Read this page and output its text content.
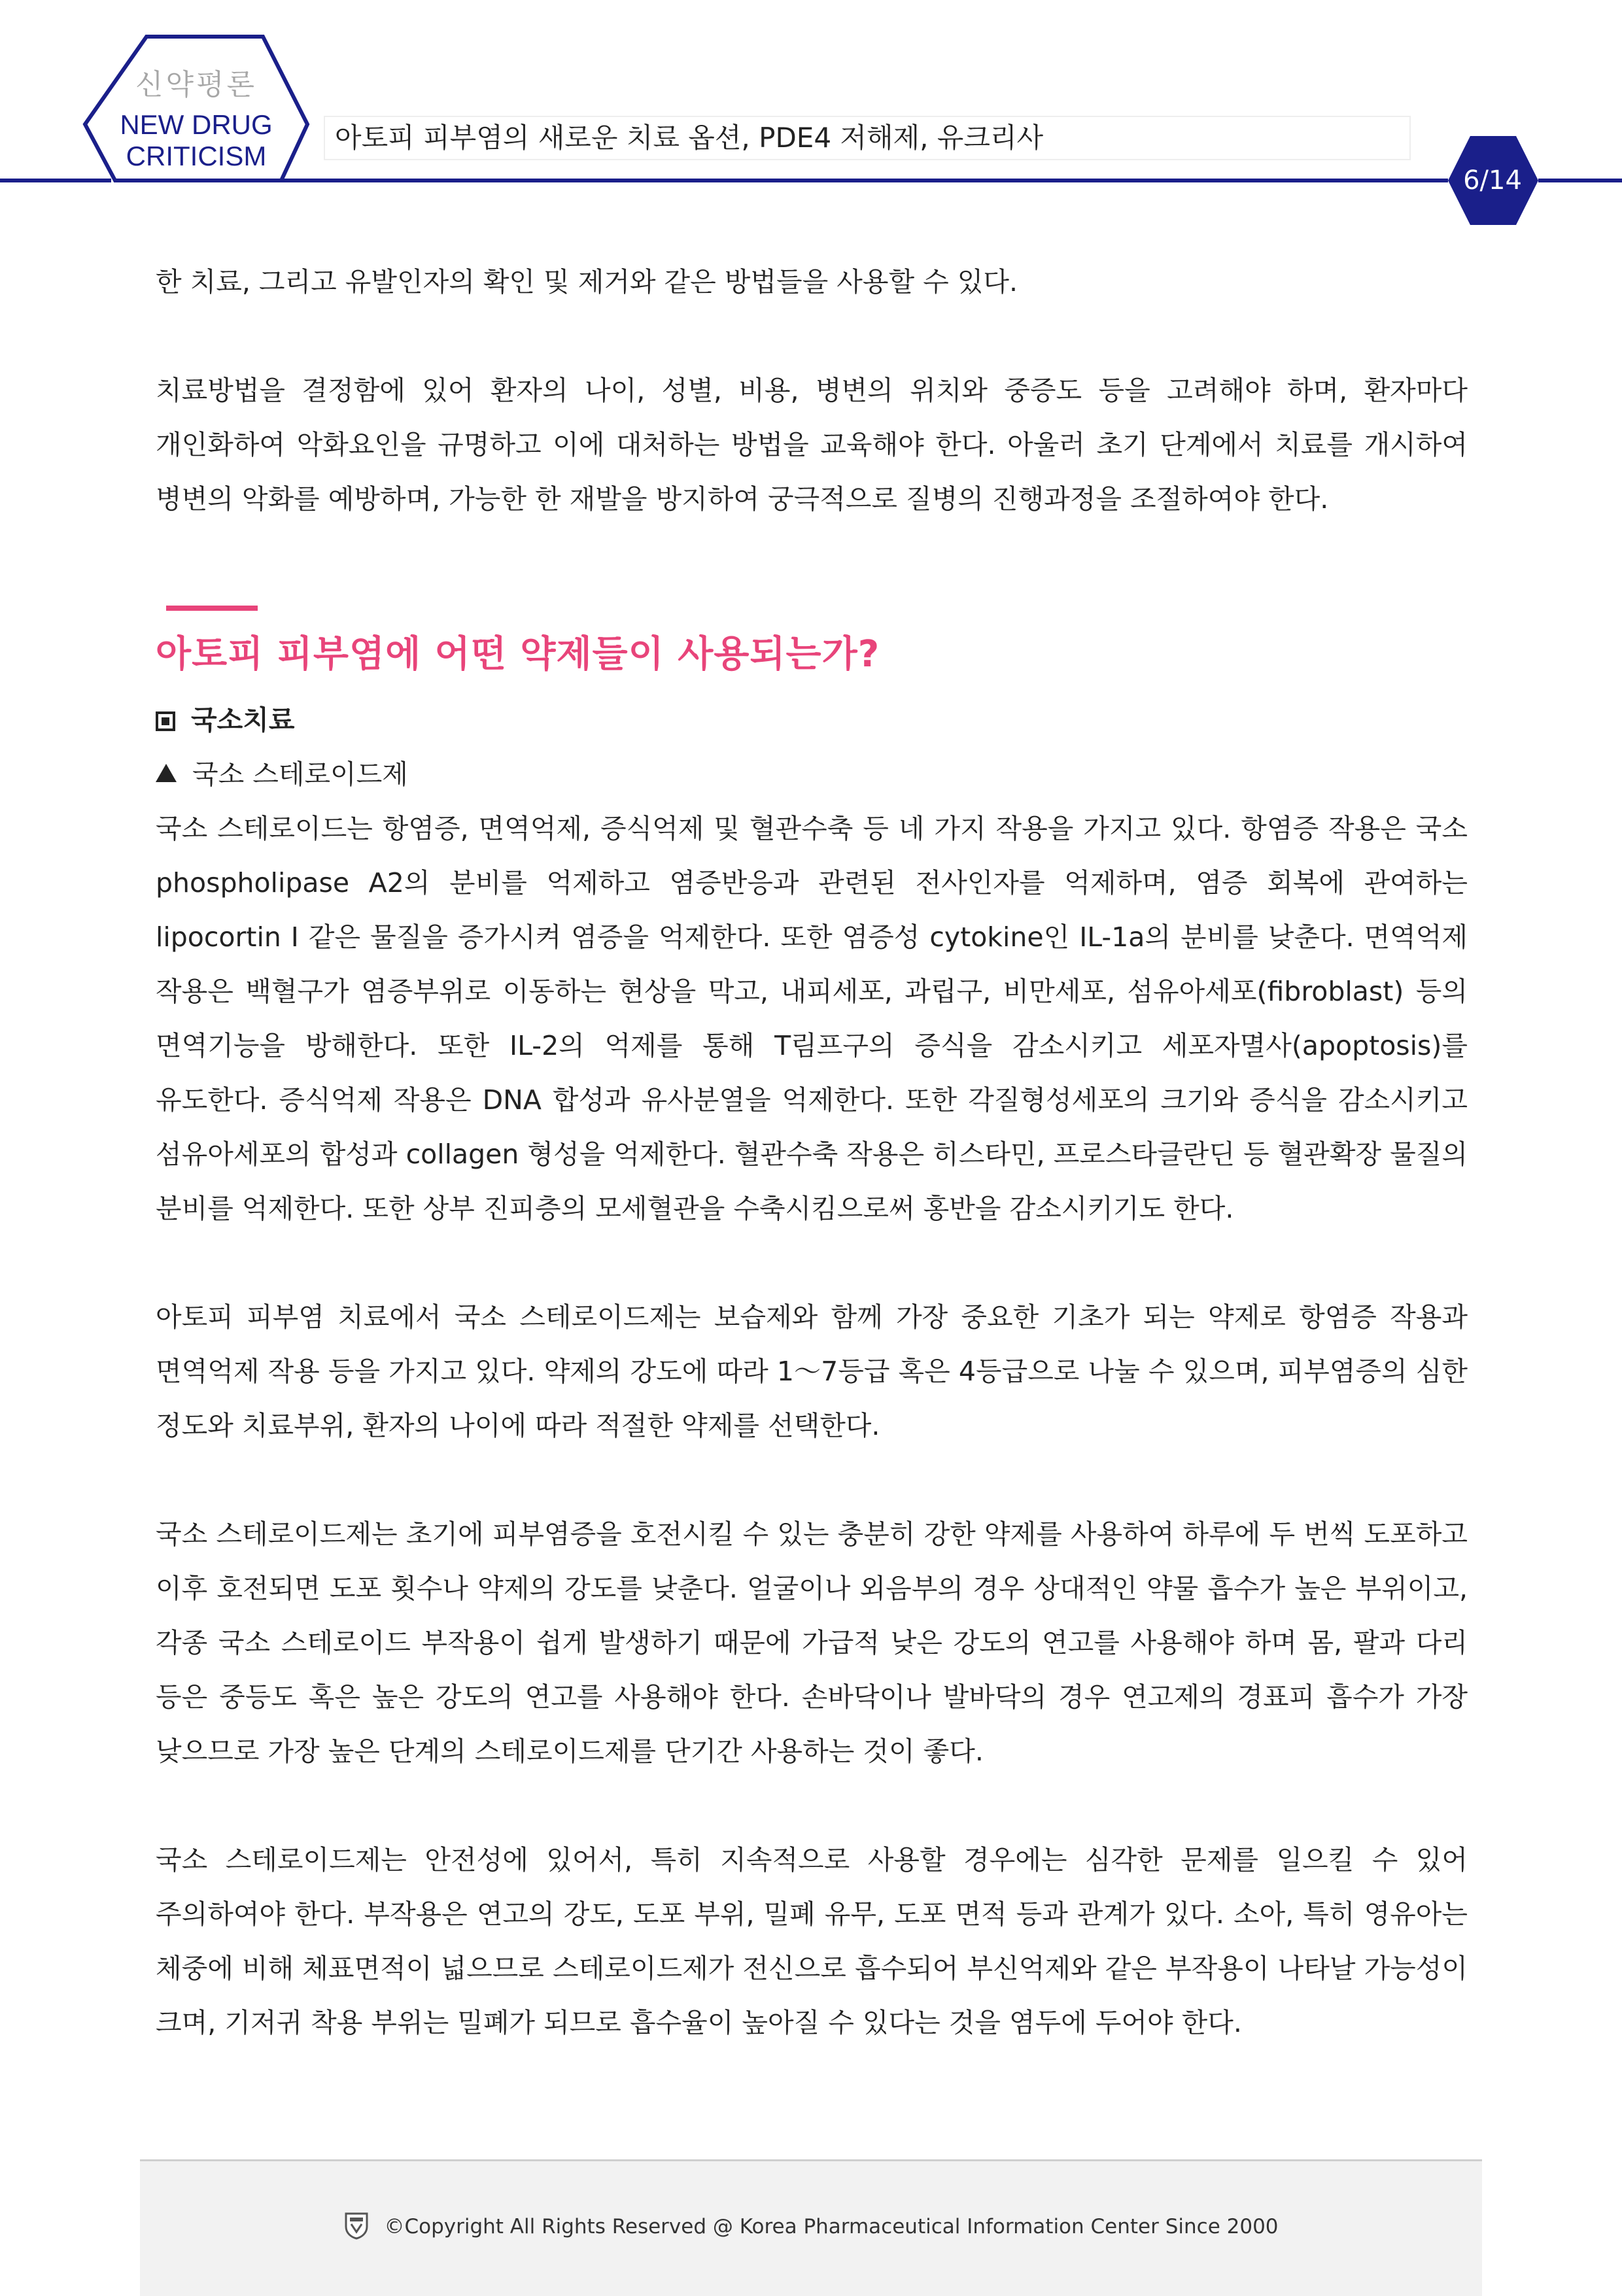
신약평론
NEW DRUG
CRITICISM
아토피 피부염의 새로운 치료 옵션, PDE4 저해제, 유크리사
6/14

한 치료, 그리고 유발인자의 확인 및 제거와 같은 방법들을 사용할 수 있다.

치료방법을 결정함에 있어 환자의 나이, 성별, 비용, 병변의 위치와 중증도 등을 고려해야 하며, 환자마다 개인화하여 악화요인을 규명하고 이에 대처하는 방법을 교육해야 한다. 아울러 초기 단계에서 치료를 개시하여 병변의 악화를 예방하며, 가능한 한 재발을 방지하여 궁극적으로 질병의 진행과정을 조절하여야 한다.

아토피 피부염에 어떤 약제들이 사용되는가?
국소치료
국소 스테로이드제

국소 스테로이드는 항염증, 면역억제, 증식억제 및 혈관수축 등 네 가지 작용을 가지고 있다. 항염증 작용은 국소 phospholipase A2의 분비를 억제하고 염증반응과 관련된 전사인자를 억제하며, 염증 회복에 관여하는 lipocortin I 같은 물질을 증가시켜 염증을 억제한다. 또한 염증성 cytokine인 IL-1a의 분비를 낮춘다. 면역억제 작용은 백혈구가 염증부위로 이동하는 현상을 막고, 내피세포, 과립구, 비만세포, 섬유아세포(fibroblast) 등의 면역기능을 방해한다. 또한 IL-2의 억제를 통해 T림프구의 증식을 감소시키고 세포자멸사(apoptosis)를 유도한다. 증식억제 작용은 DNA 합성과 유사분열을 억제한다. 또한 각질형성세포의 크기와 증식을 감소시키고 섬유아세포의 합성과 collagen 형성을 억제한다. 혈관수축 작용은 히스타민, 프로스타글란딘 등 혈관확장 물질의 분비를 억제한다. 또한 상부 진피층의 모세혈관을 수축시킴으로써 홍반을 감소시키기도 한다.

아토피 피부염 치료에서 국소 스테로이드제는 보습제와 함께 가장 중요한 기초가 되는 약제로 항염증 작용과 면역억제 작용 등을 가지고 있다. 약제의 강도에 따라 1～7등급 혹은 4등급으로 나눌 수 있으며, 피부염증의 심한 정도와 치료부위, 환자의 나이에 따라 적절한 약제를 선택한다.

국소 스테로이드제는 초기에 피부염증을 호전시킬 수 있는 충분히 강한 약제를 사용하여 하루에 두 번씩 도포하고 이후 호전되면 도포 횟수나 약제의 강도를 낮춘다. 얼굴이나 외음부의 경우 상대적인 약물 흡수가 높은 부위이고, 각종 국소 스테로이드 부작용이 쉽게 발생하기 때문에 가급적 낮은 강도의 연고를 사용해야 하며 몸, 팔과 다리 등은 중등도 혹은 높은 강도의 연고를 사용해야 한다. 손바닥이나 발바닥의 경우 연고제의 경표피 흡수가 가장 낮으므로 가장 높은 단계의 스테로이드제를 단기간 사용하는 것이 좋다.

국소 스테로이드제는 안전성에 있어서, 특히 지속적으로 사용할 경우에는 심각한 문제를 일으킬 수 있어 주의하여야 한다. 부작용은 연고의 강도, 도포 부위, 밀폐 유무, 도포 면적 등과 관계가 있다. 소아, 특히 영유아는 체중에 비해 체표면적이 넓으므로 스테로이드제가 전신으로 흡수되어 부신억제와 같은 부작용이 나타날 가능성이 크며, 기저귀 착용 부위는 밀폐가 되므로 흡수율이 높아질 수 있다는 것을 염두에 두어야 한다.

©Copyright All Rights Reserved @ Korea Pharmaceutical Information Center Since 2000
